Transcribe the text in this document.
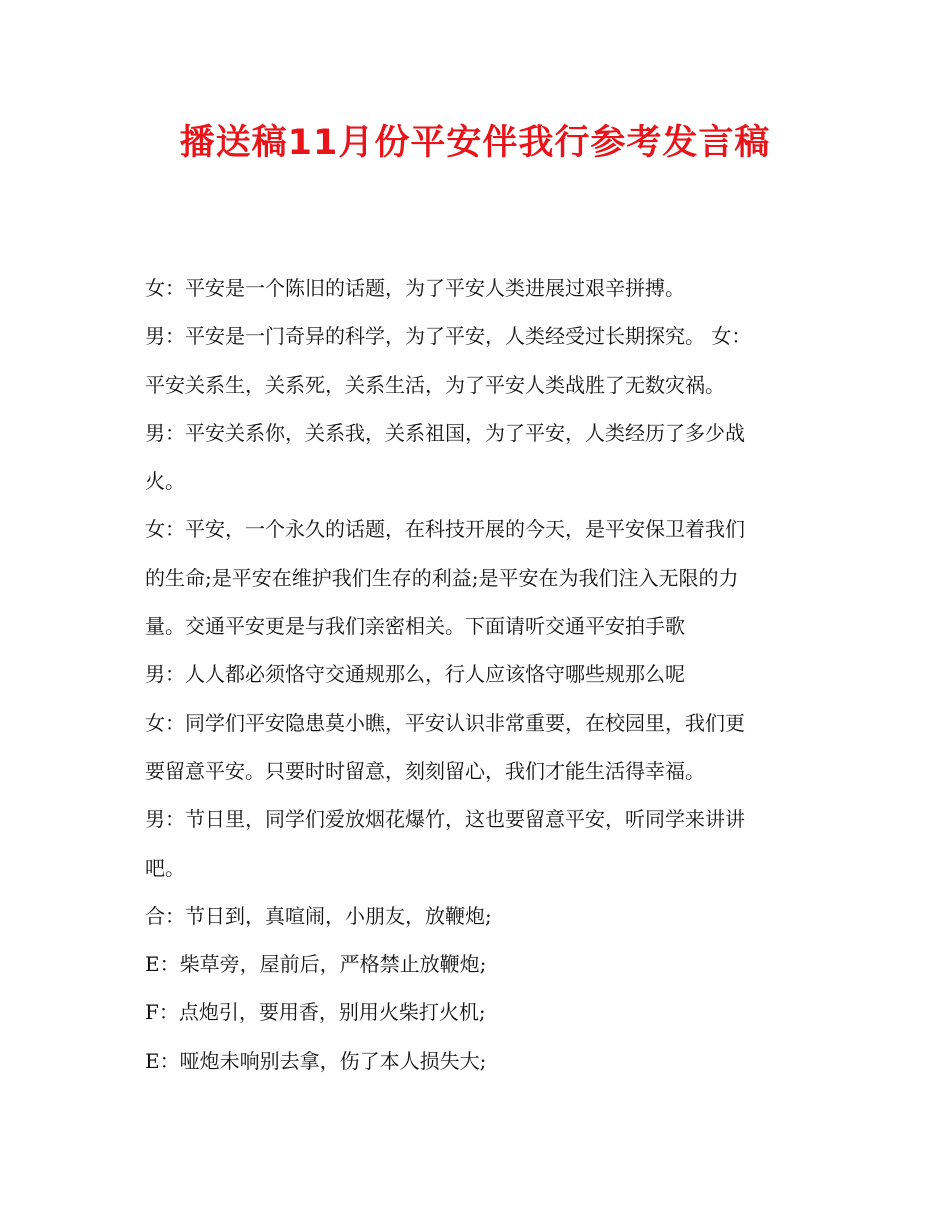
播送稿11月份平安伴我行参考发言稿
女：平安是一个陈旧的话题，为了平安人类进展过艰辛拼搏。
男：平安是一门奇异的科学，为了平安，人类经受过长期探究。 女：
平安关系生，关系死，关系生活，为了平安人类战胜了无数灾祸。
男：平安关系你，关系我，关系祖国，为了平安，人类经历了多少战
火。
女：平安，一个永久的话题，在科技开展的今天，是平安保卫着我们
的生命;是平安在维护我们生存的利益;是平安在为我们注入无限的力
量。交通平安更是与我们亲密相关。下面请听交通平安拍手歌
男：人人都必须恪守交通规那么，行人应该恪守哪些规那么呢
女：同学们平安隐患莫小瞧，平安认识非常重要，在校园里，我们更
要留意平安。只要时时留意，刻刻留心，我们才能生活得幸福。
男：节日里，同学们爱放烟花爆竹，这也要留意平安，听同学来讲讲
吧。
合：节日到，真喧闹，小朋友，放鞭炮;
E：柴草旁，屋前后，严格禁止放鞭炮;
F：点炮引，要用香，别用火柴打火机;
E：哑炮未响别去拿，伤了本人损失大;
